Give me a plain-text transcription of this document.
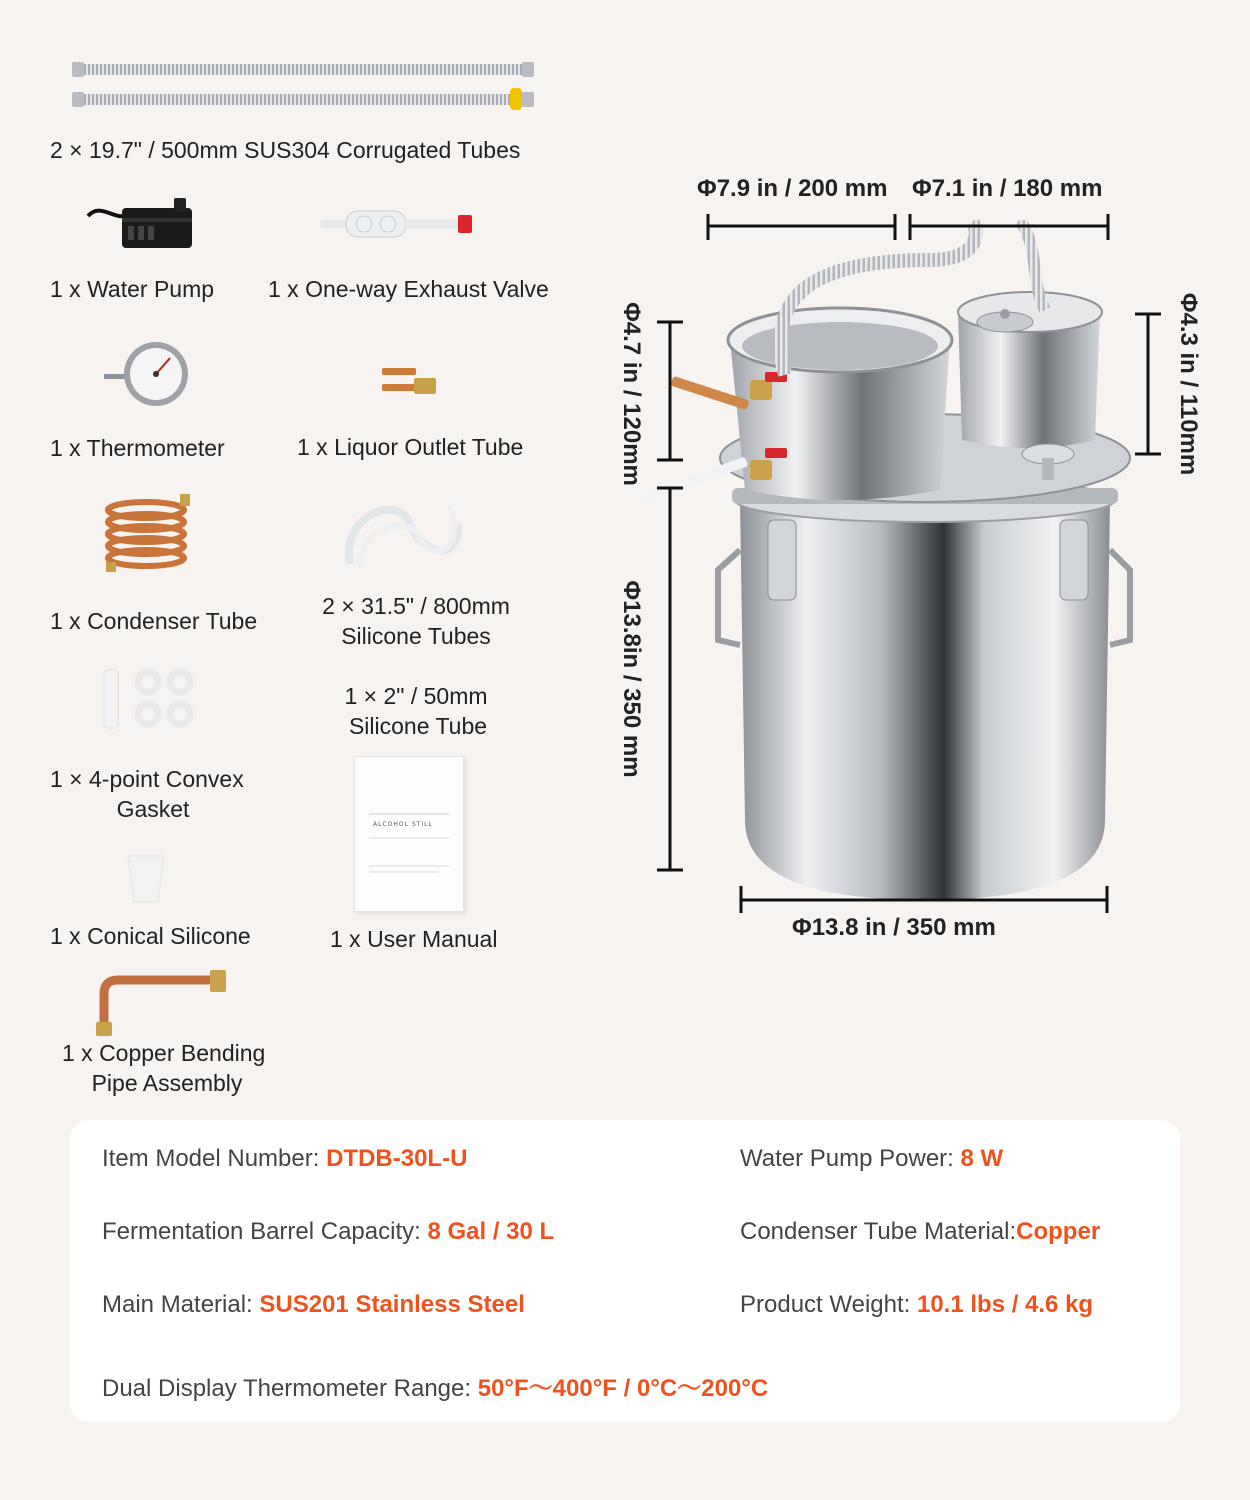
2 × 19.7" / 500mm SUS304 Corrugated Tubes
1 x Water Pump 1 x One-way Exhaust Valve
1 x Thermometer	1 x Liquor Outlet Tube
1 x Condenser Tube
2 × 31.5" / 800mm
Silicone Tubes
1 × 2" / 50mm
Silicone Tube
1 × 4-point Convex
Gasket
ALCOHOL STILL
1 x User Manual
1 x Conical Silicone
1 x Copper Bending
Pipe Assembly
Φ7.9 in / 200 mm Φ7.1 in / 180 mm
Φ4.7 in / 120mm
Φ13.8in / 350 mm
Φ4.3 in / 110mm
Φ13.8 in / 350 mm
Item Model Number: DTDB-30L-U	Water Pump Power: 8 W
Fermentation Barrel Capacity: 8 Gal / 30 L	Condenser Tube Material:Copper
Main Material: SUS201 Stainless Steel	Product Weight: 10.1 lbs / 4.6 kg
Dual Display Thermometer Range: 50°F～400°F / 0°C～200°C
